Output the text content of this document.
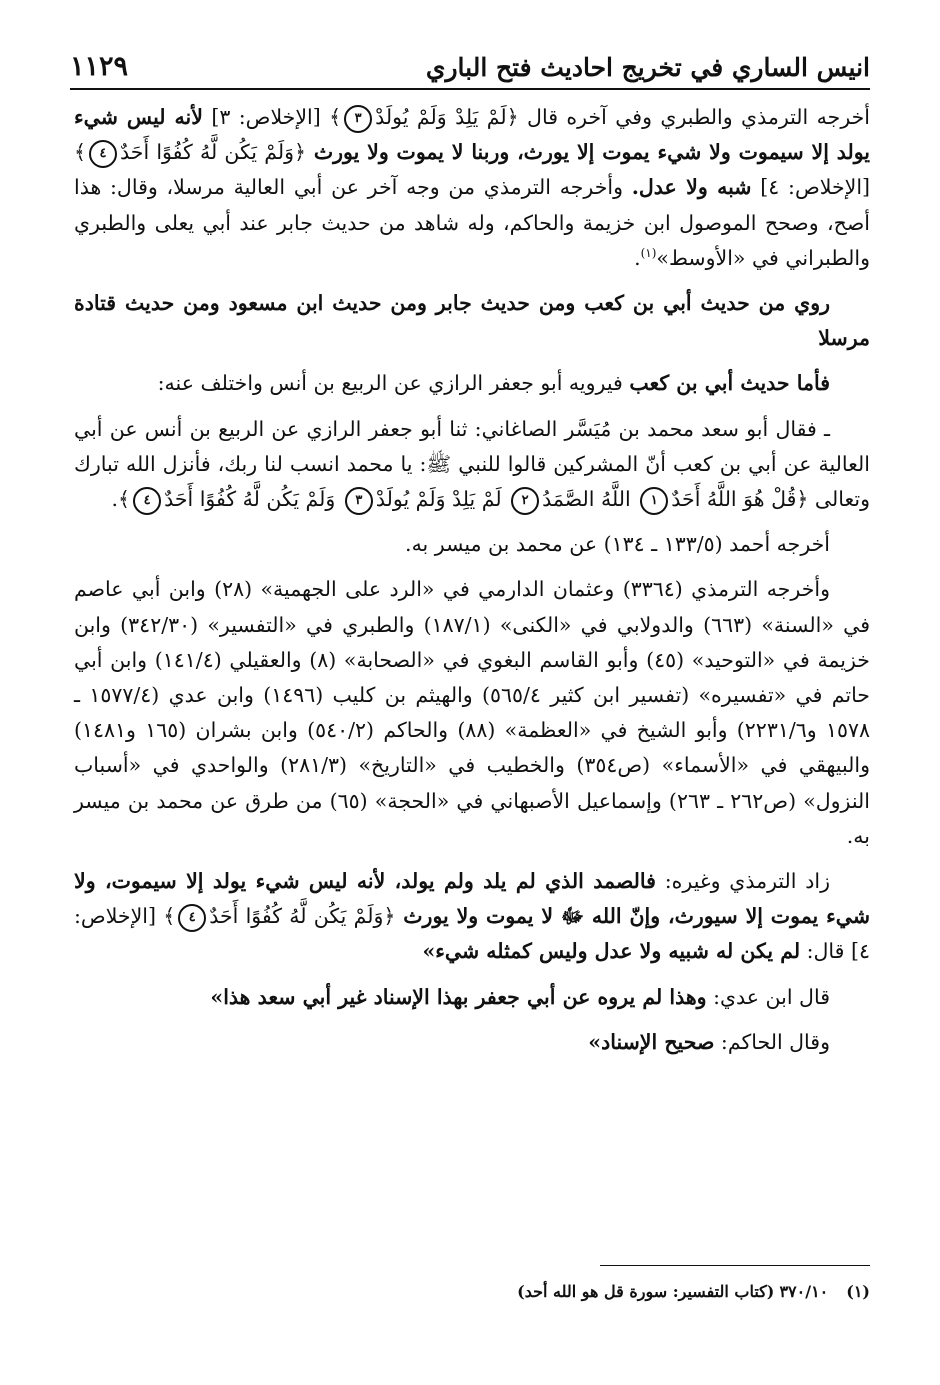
انيس الساري في تخريج احاديث فتح الباري
١١٢٩

أخرجه الترمذي والطبري وفي آخره قال ﴿لَمْ يَلِدْ وَلَمْ يُولَدْ٣﴾ [الإخلاص: ٣] لأنه ليس شيء يولد إلا سيموت ولا شيء يموت إلا يورث، وربنا لا يموت ولا يورث ﴿وَلَمْ يَكُن لَّهُ كُفُوًا أَحَدٌ٤﴾ [الإخلاص: ٤] شبه ولا عدل. وأخرجه الترمذي من وجه آخر عن أبي العالية مرسلا، وقال: هذا أصح، وصحح الموصول ابن خزيمة والحاكم، وله شاهد من حديث جابر عند أبي يعلى والطبري والطبراني في «الأوسط»$^{(١)}$.

روي من حديث أبي بن كعب ومن حديث جابر ومن حديث ابن مسعود ومن حديث قتادة مرسلا

فأما حديث أبي بن كعب فيرويه أبو جعفر الرازي عن الربيع بن أنس واختلف عنه:

ـ فقال أبو سعد محمد بن مُيَسَّر الصاغاني: ثنا أبو جعفر الرازي عن الربيع بن أنس عن أبي العالية عن أبي بن كعب أنّ المشركين قالوا للنبي ﷺ: يا محمد انسب لنا ربك، فأنزل الله تبارك وتعالى ﴿قُلْ هُوَ اللَّهُ أَحَدٌ١ اللَّهُ الصَّمَدُ٢ لَمْ يَلِدْ وَلَمْ يُولَدْ٣ وَلَمْ يَكُن لَّهُ كُفُوًا أَحَدٌ٤﴾.

أخرجه أحمد (١٣٣/٥ ـ ١٣٤) عن محمد بن ميسر به.

وأخرجه الترمذي (٣٣٦٤) وعثمان الدارمي في «الرد على الجهمية» (٢٨) وابن أبي عاصم في «السنة» (٦٦٣) والدولابي في «الكنى» (١٨٧/١) والطبري في «التفسير» (٣٤٢/٣٠) وابن خزيمة في «التوحيد» (٤٥) وأبو القاسم البغوي في «الصحابة» (٨) والعقيلي (١٤١/٤) وابن أبي حاتم في «تفسيره» (تفسير ابن كثير ٥٦٥/٤) والهيثم بن كليب (١٤٩٦) وابن عدي (١٥٧٧/٤ ـ ١٥٧٨ و٢٢٣١/٦) وأبو الشيخ في «العظمة» (٨٨) والحاكم (٥٤٠/٢) وابن بشران (١٦٥ و١٤٨١) والبيهقي في «الأسماء» (ص٣٥٤) والخطيب في «التاريخ» (٢٨١/٣) والواحدي في «أسباب النزول» (ص٢٦٢ ـ ٢٦٣) وإسماعيل الأصبهاني في «الحجة» (٦٥) من طرق عن محمد بن ميسر به.

زاد الترمذي وغيره: فالصمد الذي لم يلد ولم يولد، لأنه ليس شيء يولد إلا سيموت، ولا شيء يموت إلا سيورث، وإنّ الله ﷻ لا يموت ولا يورث ﴿وَلَمْ يَكُن لَّهُ كُفُوًا أَحَدٌ٤﴾ [الإخلاص: ٤] قال: لم يكن له شبيه ولا عدل وليس كمثله شيء»

قال ابن عدي: وهذا لم يروه عن أبي جعفر بهذا الإسناد غير أبي سعد هذا»

وقال الحاكم: صحيح الإسناد»

(١)٣٧٠/١٠ (كتاب التفسير: سورة قل هو الله أحد)
